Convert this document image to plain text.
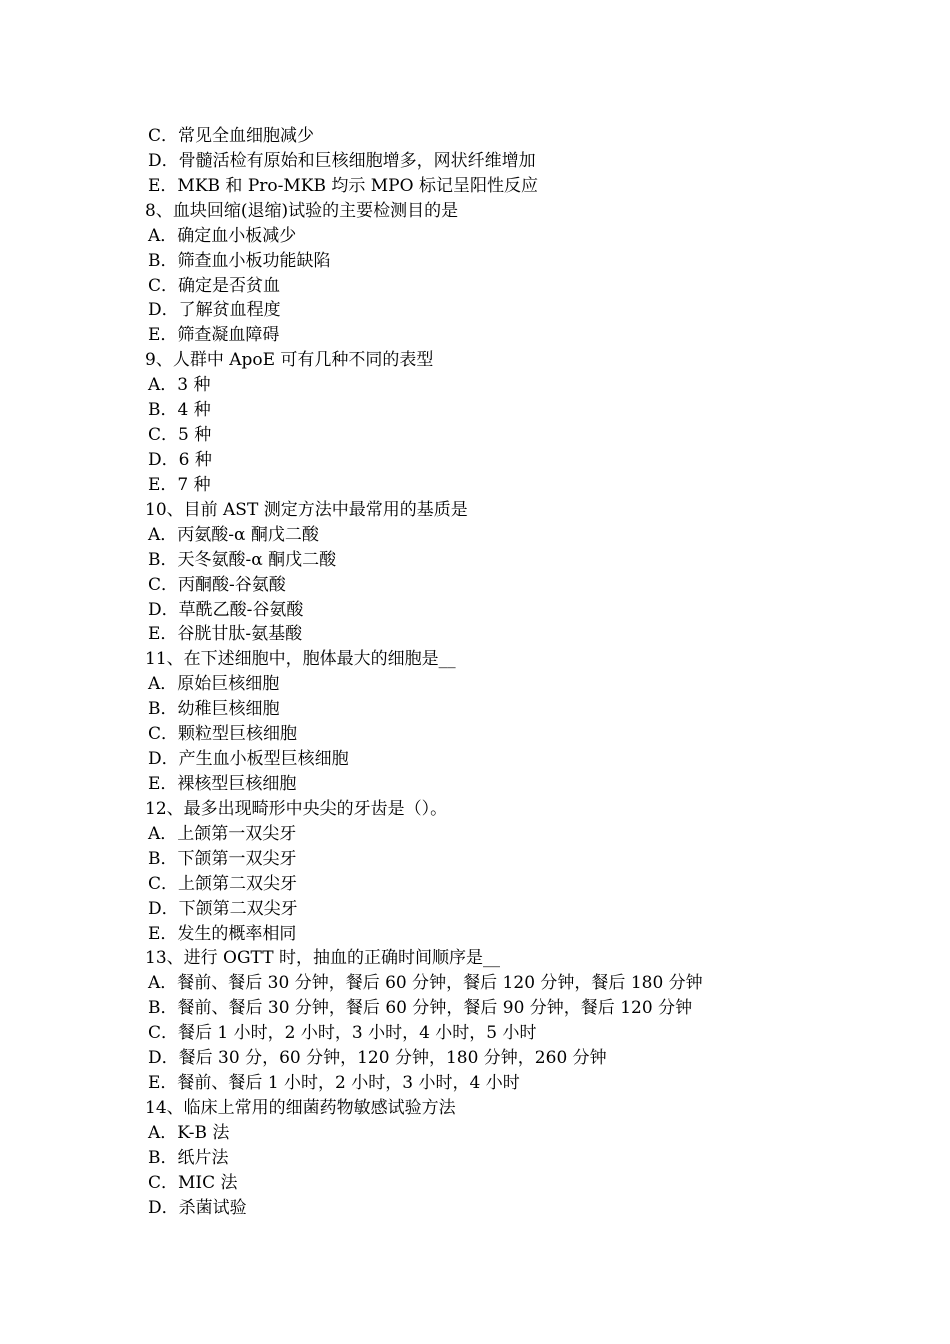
C．常见全血细胞减少
D．骨髓活检有原始和巨核细胞增多，网状纤维增加
E．MKB 和 Pro-MKB 均示 MPO 标记呈阳性反应
8、血块回缩(退缩)试验的主要检测目的是
A．确定血小板减少
B．筛查血小板功能缺陷
C．确定是否贫血
D．了解贫血程度
E．筛查凝血障碍
9、人群中 ApoE 可有几种不同的表型
A．3 种
B．4 种
C．5 种
D．6 种
E．7 种
10、目前 AST 测定方法中最常用的基质是
A．丙氨酸-α 酮戊二酸
B．天冬氨酸-α 酮戊二酸
C．丙酮酸-谷氨酸
D．草酰乙酸-谷氨酸
E．谷胱甘肽-氨基酸
11、在下述细胞中，胞体最大的细胞是__
A．原始巨核细胞
B．幼稚巨核细胞
C．颗粒型巨核细胞
D．产生血小板型巨核细胞
E．裸核型巨核细胞
12、最多出现畸形中央尖的牙齿是（）。
A．上颌第一双尖牙
B．下颌第一双尖牙
C．上颌第二双尖牙
D．下颌第二双尖牙
E．发生的概率相同
13、进行 OGTT 时，抽血的正确时间顺序是__
A．餐前、餐后 30 分钟，餐后 60 分钟，餐后 120 分钟，餐后 180 分钟
B．餐前、餐后 30 分钟，餐后 60 分钟，餐后 90 分钟，餐后 120 分钟
C．餐后 1 小时，2 小时，3 小时，4 小时，5 小时
D．餐后 30 分，60 分钟，120 分钟，180 分钟，260 分钟
E．餐前、餐后 1 小时，2 小时，3 小时，4 小时
14、临床上常用的细菌药物敏感试验方法
A．K-B 法
B．纸片法
C．MIC 法
D．杀菌试验
